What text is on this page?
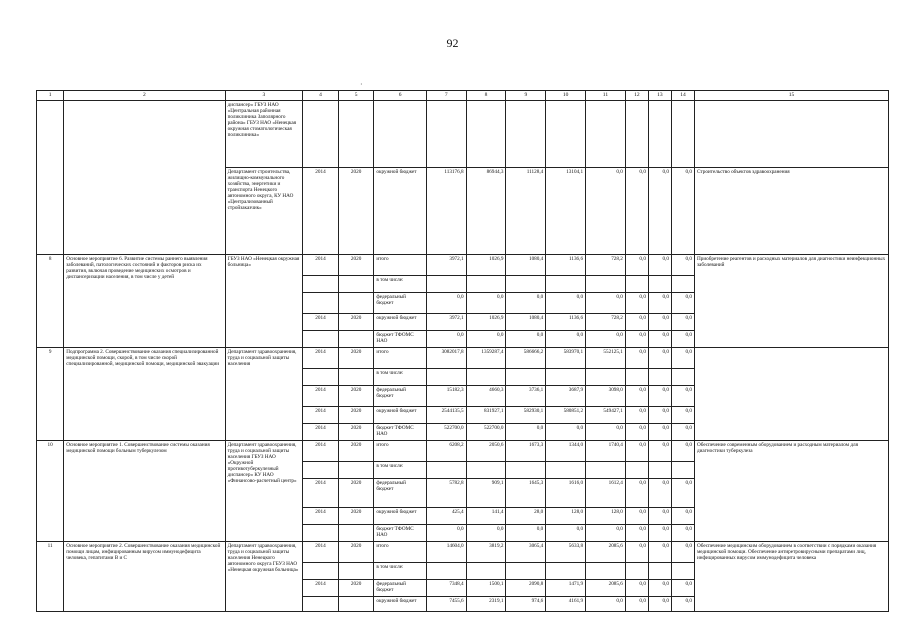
92
·
1	2	3	4	5	6	7	8	9	10	11	12	13	14	15
		диспансер» ГБУЗ НАО «Центральная районная поликлиника Заполярного района» ГБУЗ НАО «Ненецкая окружная стоматологическая поликлиника»												
		Департамент строительства, жилищно-коммунального хозяйства, энергетики и транспорта Ненецкого автономного округа, КУ НАО «Централизованный стройзаказчик»	2014	2020	окружной бюджет	113176,8	86944,3	11128,4	13104,1	0,0	0,0	0,0	0,0	Строительство объектов здравоохранения
8	Основное мероприятие 6. Развитие системы раннего выявления заболеваний, патологических состояний и факторов риска их развития, включая проведение медицинских осмотров и диспансеризации населения, в том числе у детей	ГБУЗ НАО «Ненецкая окружная больница»	2014	2020	итого	3972,1	1026,9	1080,4	1136,6	728,2	0,0	0,0	0,0	Приобретение реагентов и расходных материалов для диагностики неинфекционных заболеваний
					в том числе:									
					федеральный бюджет	0,0	0,0	0,0	0,0	0,0	0,0	0,0	0,0	
			2014	2020	окружной бюджет	3972,1	1026,9	1080,4	1136,6	728,2	0,0	0,0	0,0	
					бюджет ТФОМС НАО	0,0	0,0	0,0	0,0	0,0	0,0	0,0	0,0	
9	Подпрограмма 2. Совершенствование оказания специализированной медицинской помощи, скорой, в том числе скорой специализированной, медицинской помощи, медицинской эвакуации	Департамент здравоохранения, труда и социальной защиты населения	2014	2020	итого	3082017,8	1359287,4	586666,2	583970,1	552125,1	0,0	0,0	0,0	
					в том числе:									
			2014	2020	федеральный бюджет	15182,3	4660,3	3736,1	3687,9	3098,0	0,0	0,0	0,0	
			2014	2020	окружной бюджет	2544135,5	831927,1	582930,1	580851,2	549427,1	0,0	0,0	0,0	
			2014	2020	бюджет ТФОМС НАО	522700,0	522700,0	0,0	0,0	0,0	0,0	0,0	0,0	
10	Основное мероприятие 1. Совершенствование системы оказания медицинской помощи больным туберкулезом	Департамент здравоохранения, труда и социальной защиты населения ГБУЗ НАО «Окружной противотуберкулезный диспансер» КУ НАО «Финансово-расчетный центр»	2014	2020	итого	6208,2	2050,6	1673,3	1344,0	1740,4	0,0	0,0	0,0	Обеспечение современным оборудованием и расходным материалом для диагностики туберкулеза
					в том числе:									
			2014	2020	федеральный бюджет	5782,8	909,1	1645,3	1616,0	1612,4	0,0	0,0	0,0	
			2014	2020	окружной бюджет	425,4	141,4	28,0	128,0	128,0	0,0	0,0	0,0	
					бюджет ТФОМС НАО	0,0	0,0	0,0	0,0	0,0	0,0	0,0	0,0	
11	Основное мероприятие 2. Совершенствование оказания медицинской помощи лицам, инфицированным вирусом иммунодефицита человека, гепатитами В и С	Департамент здравоохранения, труда и социальной защиты населения Ненецкого автономного округа ГБУЗ НАО «Ненецкая окружная больница»	2014	2020	итого	14604,0	3819,2	3065,4	5633,8	2085,6	0,0	0,0	0,0	Обеспечение медицинским оборудованием в соответствии с порядками оказания медицинской помощи. Обеспечение антиретровирусными препаратами лиц, инфицированных вирусом иммунодефицита человека
					в том числе:									
			2014	2020	федеральный бюджет	7348,4	1500,1	2090,8	1471,9	2085,6	0,0	0,0	0,0	
					окружной бюджет	7455,6	2319,1	974,6	4161,9	0,0	0,0	0,0	0,0	
